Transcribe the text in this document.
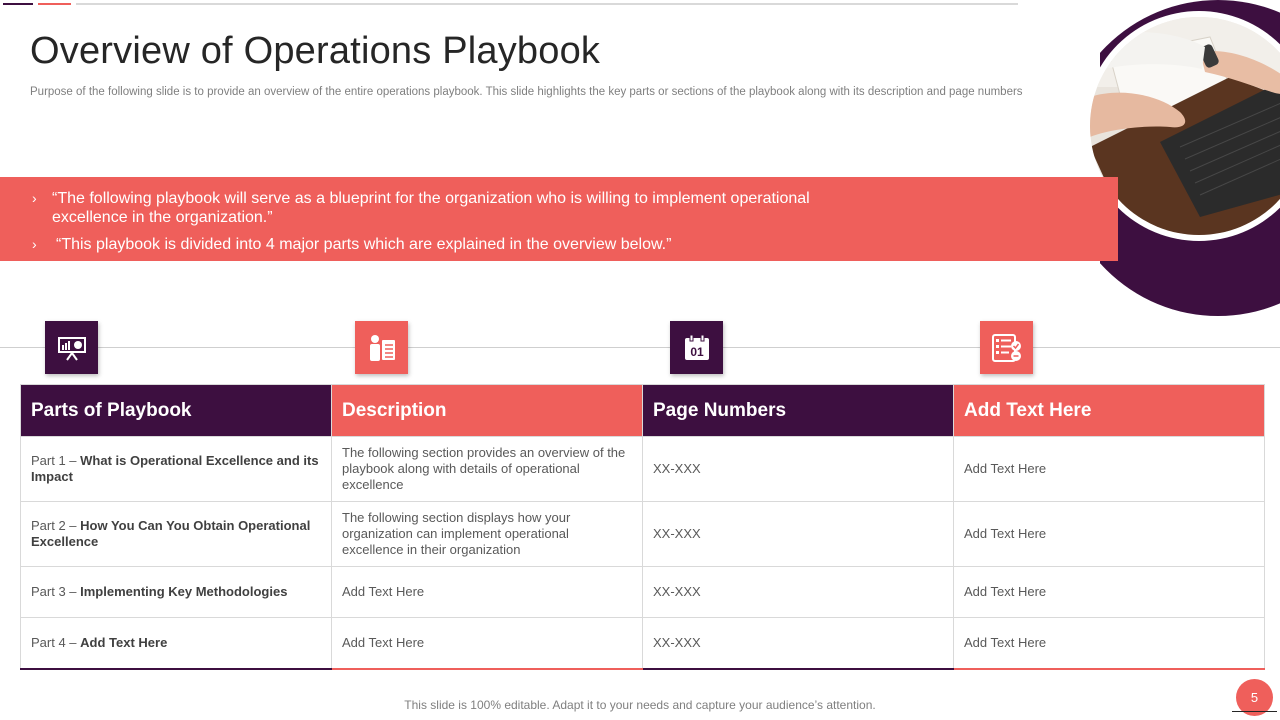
Overview of Operations Playbook
Purpose of the following slide is to provide an overview of the entire operations playbook. This slide highlights the key parts or sections of the playbook along with its description and page numbers
› “The following playbook will serve as a blueprint for the organization who is willing to implement operational
excellence in the organization.”
› “This playbook is divided into 4 major parts which are explained in the overview below.”
01
Parts of Playbook	Description	Page Numbers	Add Text Here
Part 1 – What is Operational Excellence and its Impact	The following section provides an overview of the playbook along with details of operational excellence	XX-XXX	Add Text Here
Part 2 – How You Can You Obtain Operational Excellence	The following section displays how your organization can implement operational excellence in their organization	XX-XXX	Add Text Here
Part 3 – Implementing Key Methodologies	Add Text Here	XX-XXX	Add Text Here
Part 4 – Add Text Here	Add Text Here	XX-XXX	Add Text Here
This slide is 100% editable. Adapt it to your needs and capture your audience’s attention.	5
